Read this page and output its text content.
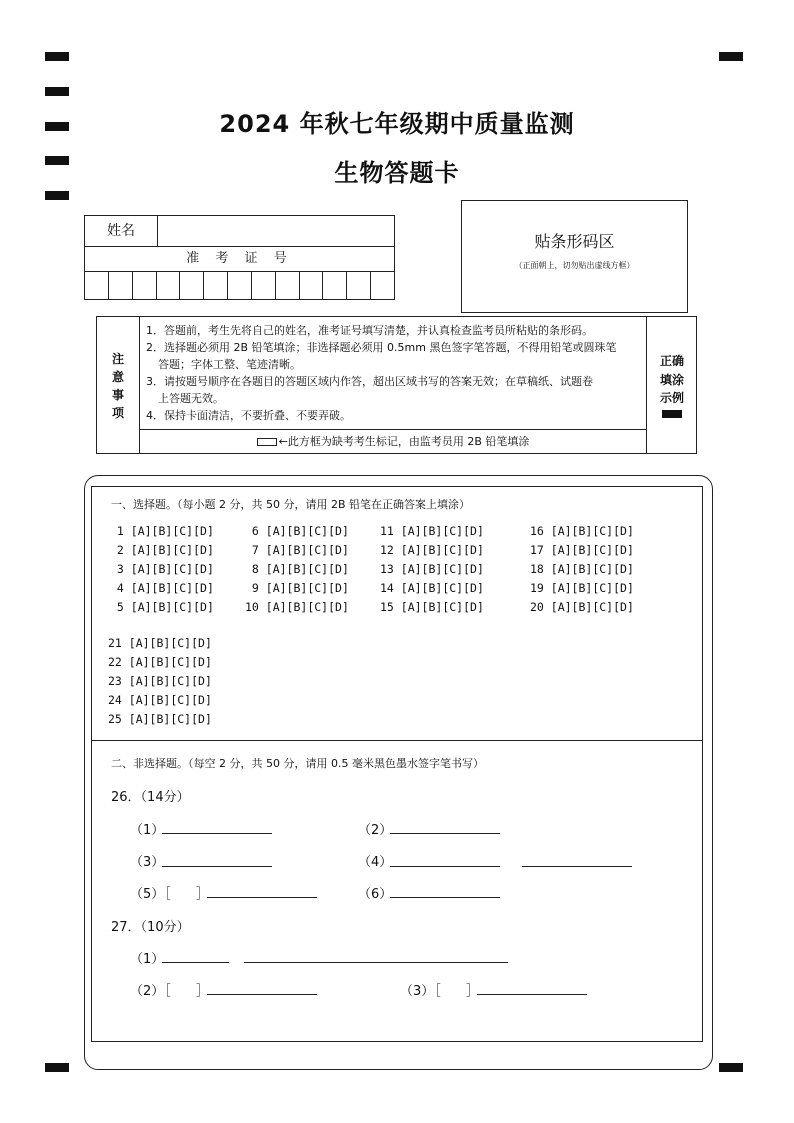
2024 年秋七年级期中质量监测
生物答题卡
姓名
准 考 证 号
贴条形码区
（正面朝上，切勿贴出虚线方框）
注
意
事
项

1．答题前，考生先将自己的姓名，准考证号填写清楚，并认真检查监考员所粘贴的条形码。

2．选择题必须用 2B 铅笔填涂；非选择题必须用 0.5mm 黑色签字笔答题，不得用铅笔或圆珠笔

答题；字体工整、笔迹清晰。

3．请按题号顺序在各题目的答题区域内作答，超出区域书写的答案无效；在草稿纸、试题卷

上答题无效。

4．保持卡面清洁，不要折叠、不要弄破。

←此方框为缺考考生标记，由监考员用 2B 铅笔填涂
正确
填涂
示例
一、选择题。（每小题 2 分，共 50 分，请用 2B 铅笔在正确答案上填涂）
1 [A][B][C][D]
2 [A][B][C][D]
3 [A][B][C][D]
4 [A][B][C][D]
5 [A][B][C][D]
6 [A][B][C][D]
7 [A][B][C][D]
8 [A][B][C][D]
9 [A][B][C][D]
10 [A][B][C][D]
11 [A][B][C][D]
12 [A][B][C][D]
13 [A][B][C][D]
14 [A][B][C][D]
15 [A][B][C][D]
16 [A][B][C][D]
17 [A][B][C][D]
18 [A][B][C][D]
19 [A][B][C][D]
20 [A][B][C][D]
21 [A][B][C][D]
22 [A][B][C][D]
23 [A][B][C][D]
24 [A][B][C][D]
25 [A][B][C][D]
二、非选择题。（每空 2 分，共 50 分，请用 0.5 毫米黑色墨水签字笔书写）
26．（14分）
（1）	（2）
（3）	（4）
（5）［ ］	（6）
27．（10分）
（1）
（2）［ ］	（3）［ ］
